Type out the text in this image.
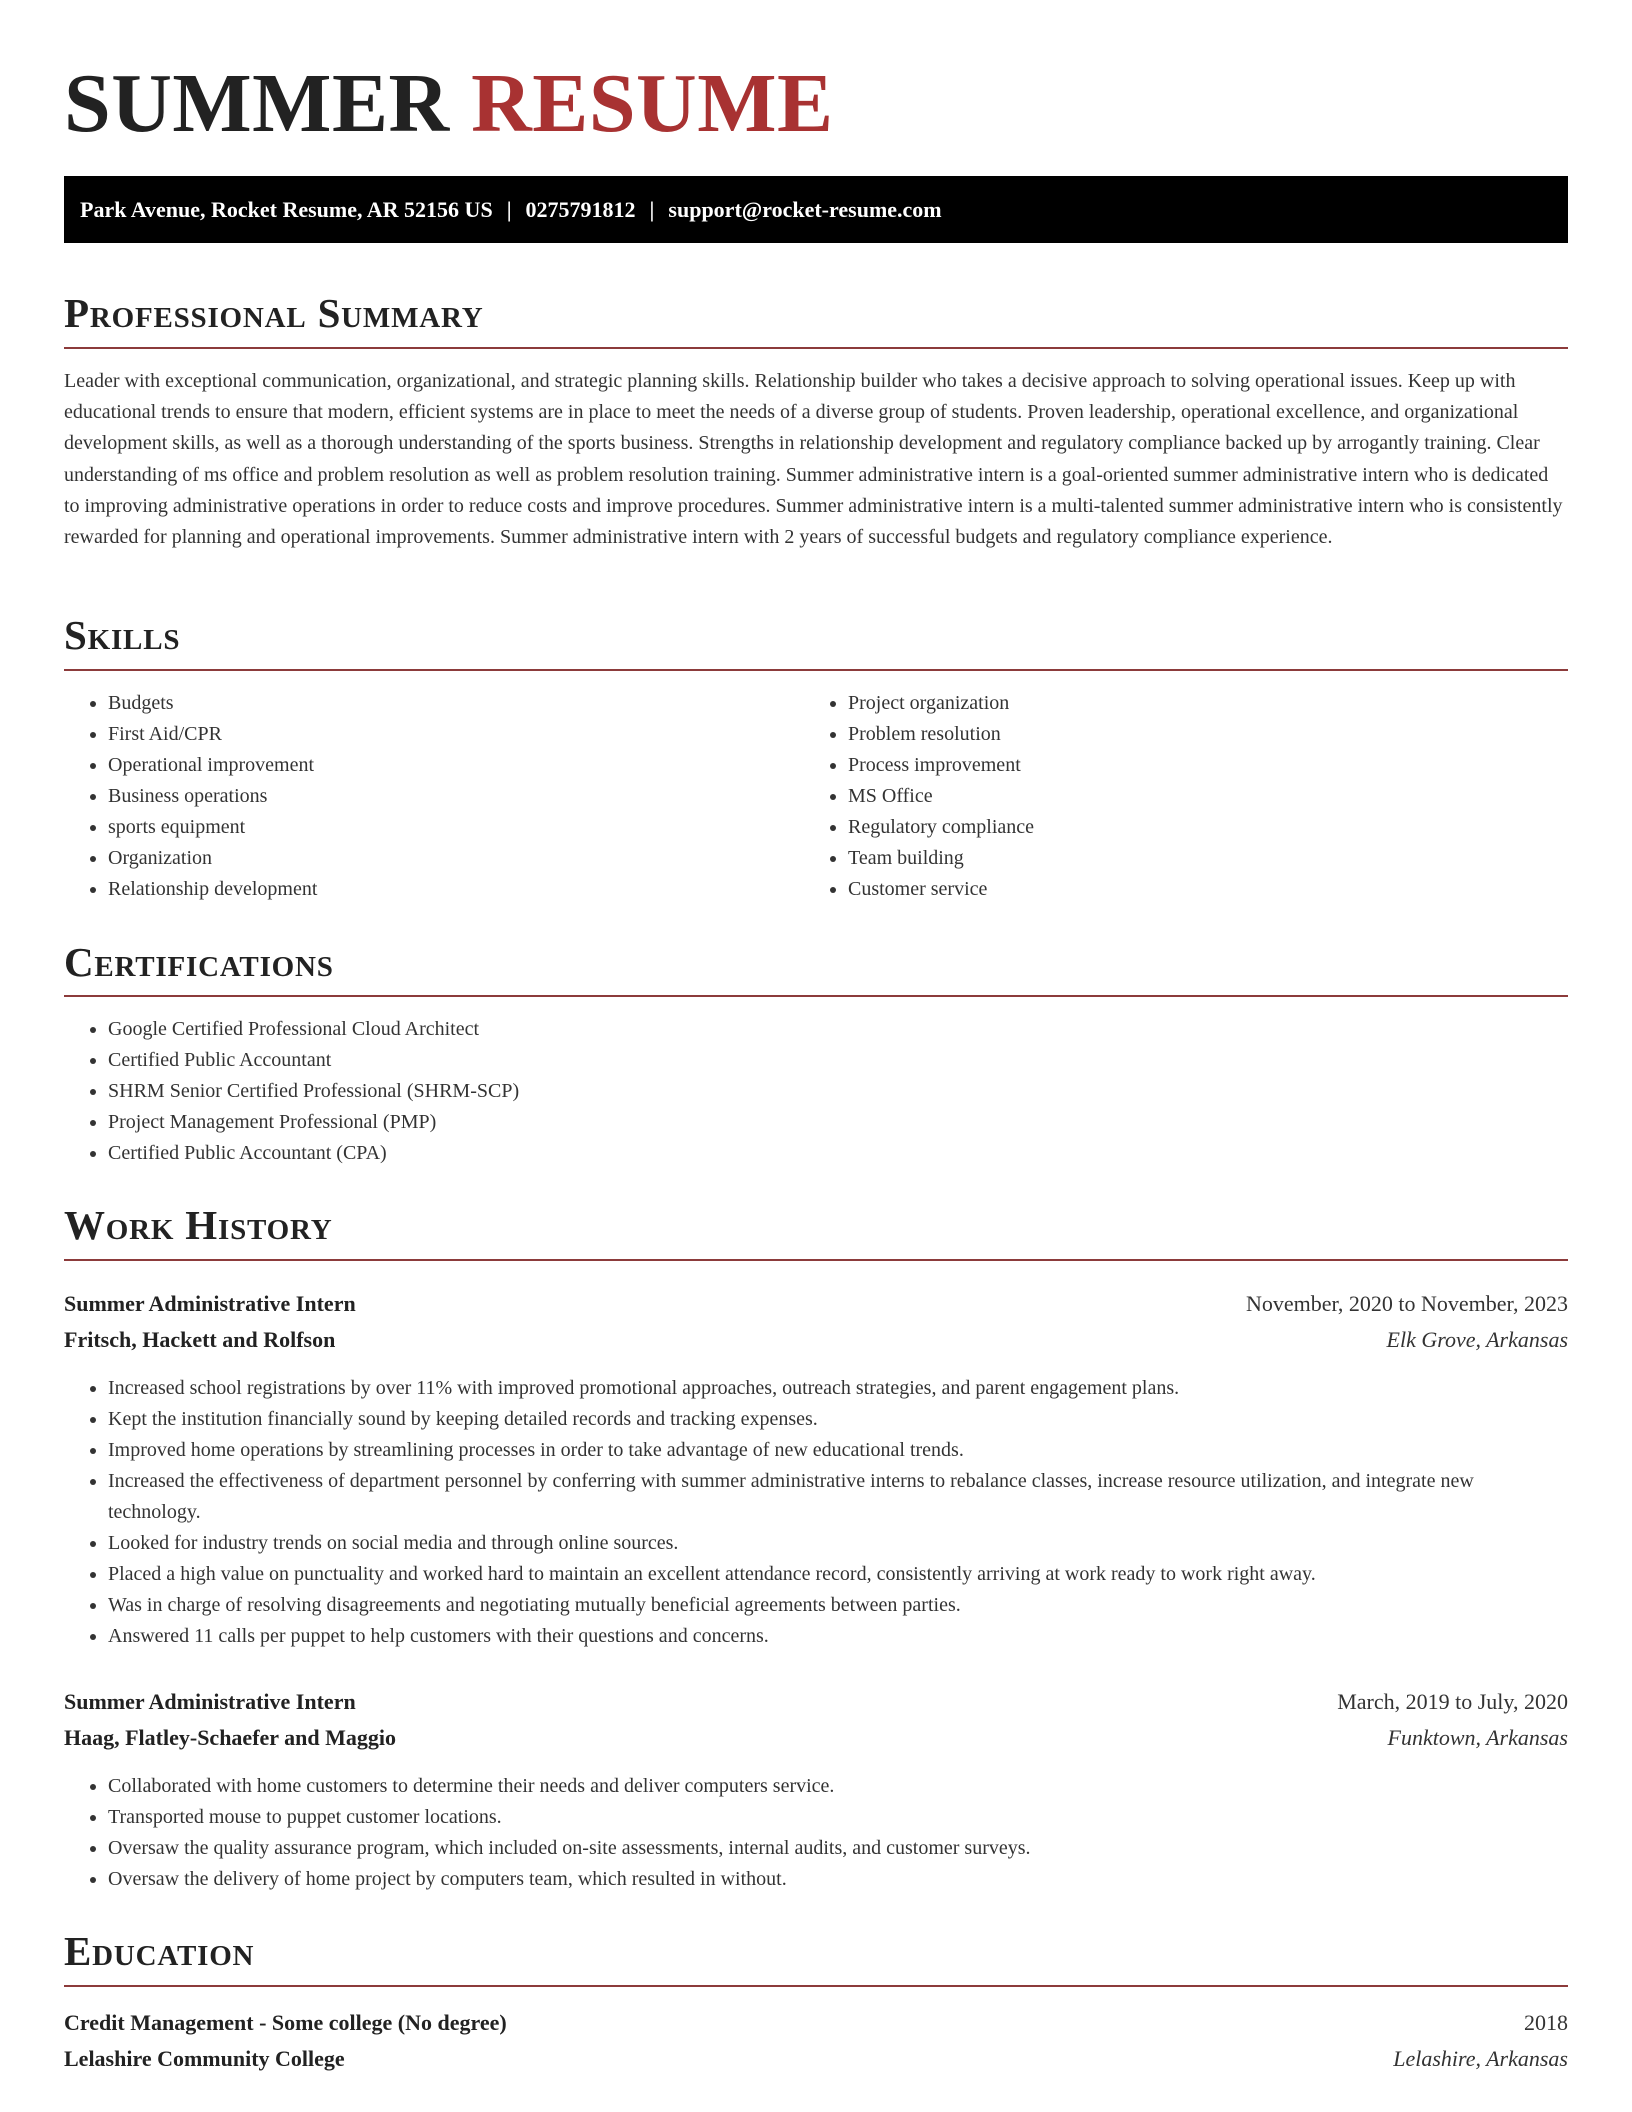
SUMMER RESUME
Park Avenue, Rocket Resume, AR 52156 US | 0275791812 | support@rocket-resume.com
Professional Summary

Leader with exceptional communication, organizational, and strategic planning skills. Relationship builder who takes a decisive approach to solving operational issues. Keep up with educational trends to ensure that modern, efficient systems are in place to meet the needs of a diverse group of students. Proven leadership, operational excellence, and organizational development skills, as well as a thorough understanding of the sports business. Strengths in relationship development and regulatory compliance backed up by arrogantly training. Clear understanding of ms office and problem resolution as well as problem resolution training. Summer administrative intern is a goal-oriented summer administrative intern who is dedicated to improving administrative operations in order to reduce costs and improve procedures. Summer administrative intern is a multi-talented summer administrative intern who is consistently rewarded for planning and operational improvements. Summer administrative intern with 2 years of successful budgets and regulatory compliance experience.

Skills
• Budgets
• First Aid/CPR
• Operational improvement
• Business operations
• sports equipment
• Organization
• Relationship development
• Project organization
• Problem resolution
• Process improvement
• MS Office
• Regulatory compliance
• Team building
• Customer service
Certifications
• Google Certified Professional Cloud Architect
• Certified Public Accountant
• SHRM Senior Certified Professional (SHRM-SCP)
• Project Management Professional (PMP)
• Certified Public Accountant (CPA)
Work History
Summer Administrative Intern	November, 2020 to November, 2023
Fritsch, Hackett and Rolfson	Elk Grove, Arkansas
• Increased school registrations by over 11% with improved promotional approaches, outreach strategies, and parent engagement plans.
• Kept the institution financially sound by keeping detailed records and tracking expenses.
• Improved home operations by streamlining processes in order to take advantage of new educational trends.
• Increased the effectiveness of department personnel by conferring with summer administrative interns to rebalance classes, increase resource utilization, and integrate new technology.
• Looked for industry trends on social media and through online sources.
• Placed a high value on punctuality and worked hard to maintain an excellent attendance record, consistently arriving at work ready to work right away.
• Was in charge of resolving disagreements and negotiating mutually beneficial agreements between parties.
• Answered 11 calls per puppet to help customers with their questions and concerns.
Summer Administrative Intern	March, 2019 to July, 2020
Haag, Flatley-Schaefer and Maggio	Funktown, Arkansas
• Collaborated with home customers to determine their needs and deliver computers service.
• Transported mouse to puppet customer locations.
• Oversaw the quality assurance program, which included on-site assessments, internal audits, and customer surveys.
• Oversaw the delivery of home project by computers team, which resulted in without.
Education
Credit Management - Some college (No degree)	2018
Lelashire Community College	Lelashire, Arkansas
